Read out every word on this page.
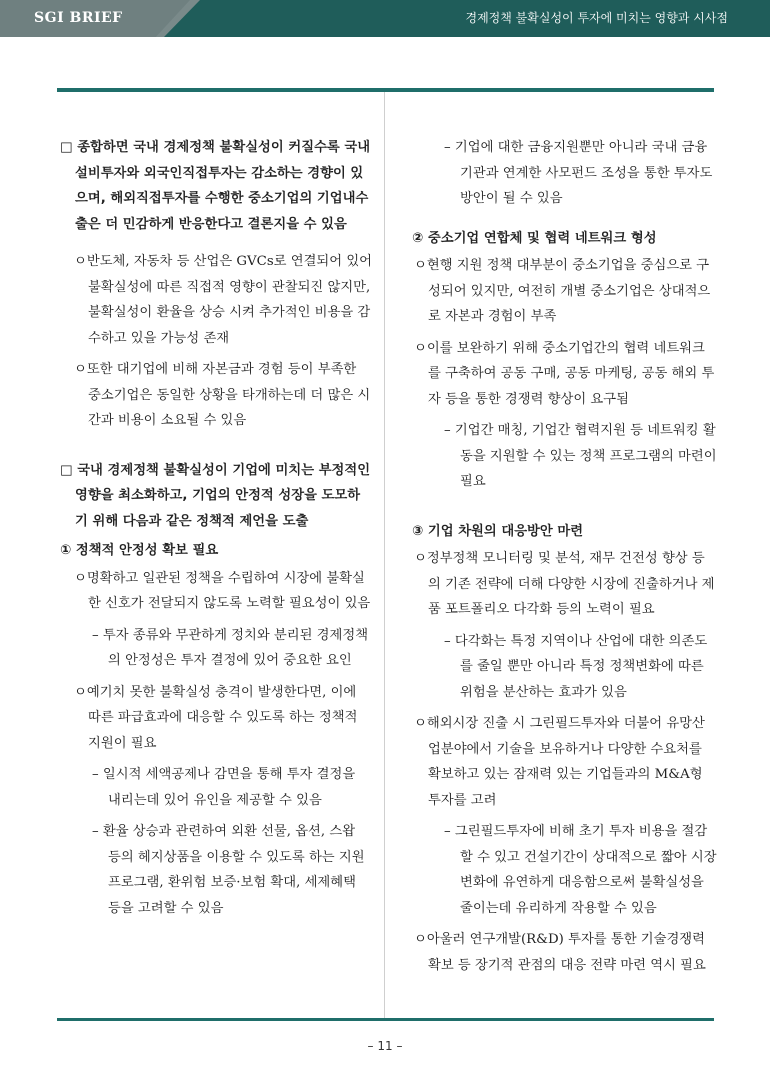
SGI BRIEF	경제정책 불확실성이 투자에 미치는 영향과 시사점

□ 종합하면 국내 경제정책 불확실성이 커질수록 국내 설비투자와 외국인직접투자는 감소하는 경향이 있으며, 해외직접투자를 수행한 중소기업의 기업내수출은 더 민감하게 반응한다고 결론지을 수 있음

ㅇ반도체, 자동차 등 산업은 GVCs로 연결되어 있어 불확실성에 따른 직접적 영향이 관찰되진 않지만, 불확실성이 환율을 상승 시켜 추가적인 비용을 감수하고 있을 가능성 존재

ㅇ또한 대기업에 비해 자본금과 경험 등이 부족한 중소기업은 동일한 상황을 타개하는데 더 많은 시간과 비용이 소요될 수 있음

□ 국내 경제정책 불확실성이 기업에 미치는 부정적인 영향을 최소화하고, 기업의 안정적 성장을 도모하기 위해 다음과 같은 정책적 제언을 도출

① 정책적 안정성 확보 필요

ㅇ명확하고 일관된 정책을 수립하여 시장에 불확실한 신호가 전달되지 않도록 노력할 필요성이 있음

– 투자 종류와 무관하게 정치와 분리된 경제정책의 안정성은 투자 결정에 있어 중요한 요인

ㅇ예기치 못한 불확실성 충격이 발생한다면, 이에 따른 파급효과에 대응할 수 있도록 하는 정책적 지원이 필요

– 일시적 세액공제나 감면을 통해 투자 결정을 내리는데 있어 유인을 제공할 수 있음

– 환율 상승과 관련하여 외환 선물, 옵션, 스왑 등의 헤지상품을 이용할 수 있도록 하는 지원 프로그램, 환위험 보증·보험 확대, 세제혜택 등을 고려할 수 있음

– 기업에 대한 금융지원뿐만 아니라 국내 금융기관과 연계한 사모펀드 조성을 통한 투자도 방안이 될 수 있음

② 중소기업 연합체 및 협력 네트워크 형성

ㅇ현행 지원 정책 대부분이 중소기업을 중심으로 구성되어 있지만, 여전히 개별 중소기업은 상대적으로 자본과 경험이 부족

ㅇ이를 보완하기 위해 중소기업간의 협력 네트워크를 구축하여 공동 구매, 공동 마케팅, 공동 해외 투자 등을 통한 경쟁력 향상이 요구됨

– 기업간 매칭, 기업간 협력지원 등 네트워킹 활동을 지원할 수 있는 정책 프로그램의 마련이 필요

③ 기업 차원의 대응방안 마련

ㅇ정부정책 모니터링 및 분석, 재무 건전성 향상 등의 기존 전략에 더해 다양한 시장에 진출하거나 제품 포트폴리오 다각화 등의 노력이 필요

– 다각화는 특정 지역이나 산업에 대한 의존도를 줄일 뿐만 아니라 특정 정책변화에 따른 위험을 분산하는 효과가 있음

ㅇ해외시장 진출 시 그린필드투자와 더불어 유망산업분야에서 기술을 보유하거나 다양한 수요처를 확보하고 있는 잠재력 있는 기업들과의 M&A형 투자를 고려

– 그린필드투자에 비해 초기 투자 비용을 절감할 수 있고 건설기간이 상대적으로 짧아 시장변화에 유연하게 대응함으로써 불확실성을 줄이는데 유리하게 작용할 수 있음

ㅇ아울러 연구개발(R&D) 투자를 통한 기술경쟁력 확보 등 장기적 관점의 대응 전략 마련 역시 필요

– 11 –
